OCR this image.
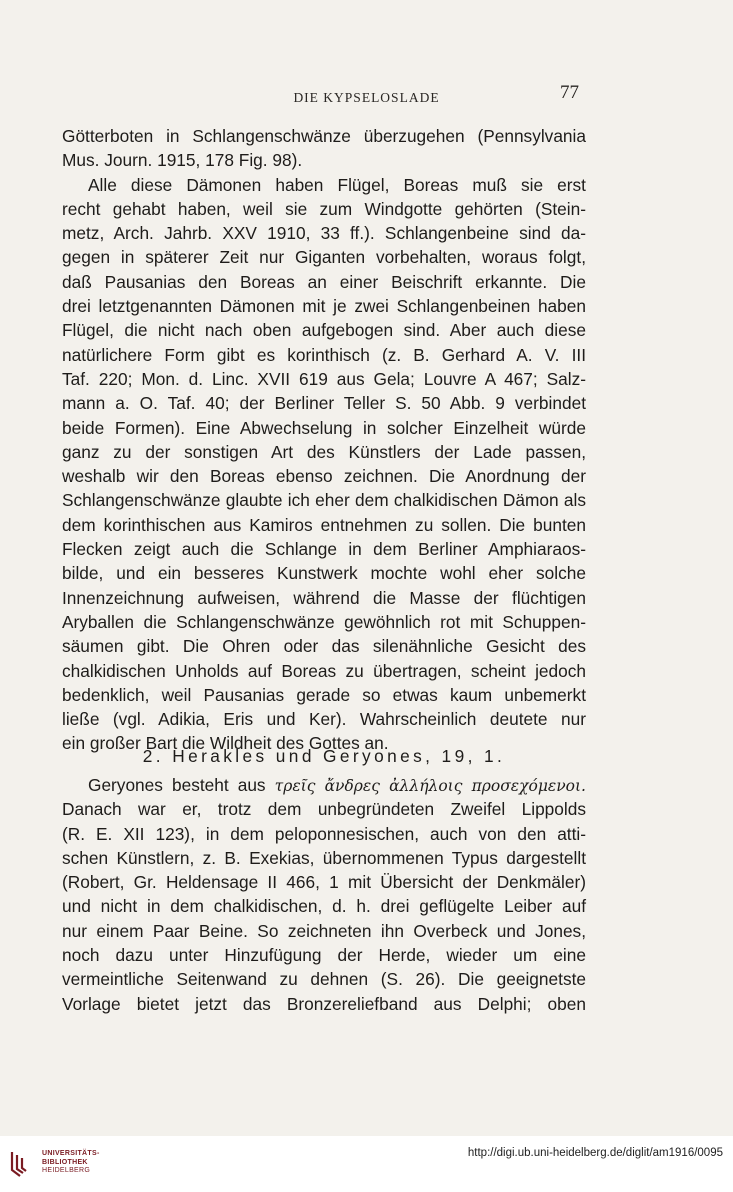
DIE KYPSELOSLADE	77
Götterboten in Schlangenschwänze überzugehen (Pennsylvania
Mus. Journ. 1915, 178 Fig. 98).
Alle diese Dämonen haben Flügel, Boreas muß sie erst
recht gehabt haben, weil sie zum Windgotte gehörten (Stein-
metz, Arch. Jahrb. XXV 1910, 33 ff.). Schlangenbeine sind da-
gegen in späterer Zeit nur Giganten vorbehalten, woraus folgt,
daß Pausanias den Boreas an einer Beischrift erkannte. Die
drei letztgenannten Dämonen mit je zwei Schlangenbeinen haben
Flügel, die nicht nach oben aufgebogen sind. Aber auch diese
natürlichere Form gibt es korinthisch (z. B. Gerhard A. V. III
Taf. 220; Mon. d. Linc. XVII 619 aus Gela; Louvre A 467; Salz-
mann a. O. Taf. 40; der Berliner Teller S. 50 Abb. 9 verbindet
beide Formen). Eine Abwechselung in solcher Einzelheit würde
ganz zu der sonstigen Art des Künstlers der Lade passen,
weshalb wir den Boreas ebenso zeichnen. Die Anordnung der
Schlangenschwänze glaubte ich eher dem chalkidischen Dämon als
dem korinthischen aus Kamiros entnehmen zu sollen. Die bunten
Flecken zeigt auch die Schlange in dem Berliner Amphiaraos-
bilde, und ein besseres Kunstwerk mochte wohl eher solche
Innenzeichnung aufweisen, während die Masse der flüchtigen
Aryballen die Schlangenschwänze gewöhnlich rot mit Schuppen-
säumen gibt. Die Ohren oder das silenähnliche Gesicht des
chalkidischen Unholds auf Boreas zu übertragen, scheint jedoch
bedenklich, weil Pausanias gerade so etwas kaum unbemerkt
ließe (vgl. Adikia, Eris und Ker). Wahrscheinlich deutete nur
ein großer Bart die Wildheit des Gottes an.
2. Herakles und Geryones, 19, 1.
Geryones besteht aus τρεῖς ἄνδρες ἀλλήλοις προσεχόμενοι.
Danach war er, trotz dem unbegründeten Zweifel Lippolds
(R. E. XII 123), in dem peloponnesischen, auch von den atti-
schen Künstlern, z. B. Exekias, übernommenen Typus dargestellt
(Robert, Gr. Heldensage II 466, 1 mit Übersicht der Denkmäler)
und nicht in dem chalkidischen, d. h. drei geflügelte Leiber auf
nur einem Paar Beine. So zeichneten ihn Overbeck und Jones,
noch dazu unter Hinzufügung der Herde, wieder um eine
vermeintliche Seitenwand zu dehnen (S. 26). Die geeignetste
Vorlage bietet jetzt das Bronzereliefband aus Delphi; oben
UNIVERSITÄTS-
BIBLIOTHEK
HEIDELBERG
http://digi.ub.uni-heidelberg.de/diglit/am1916/0095
